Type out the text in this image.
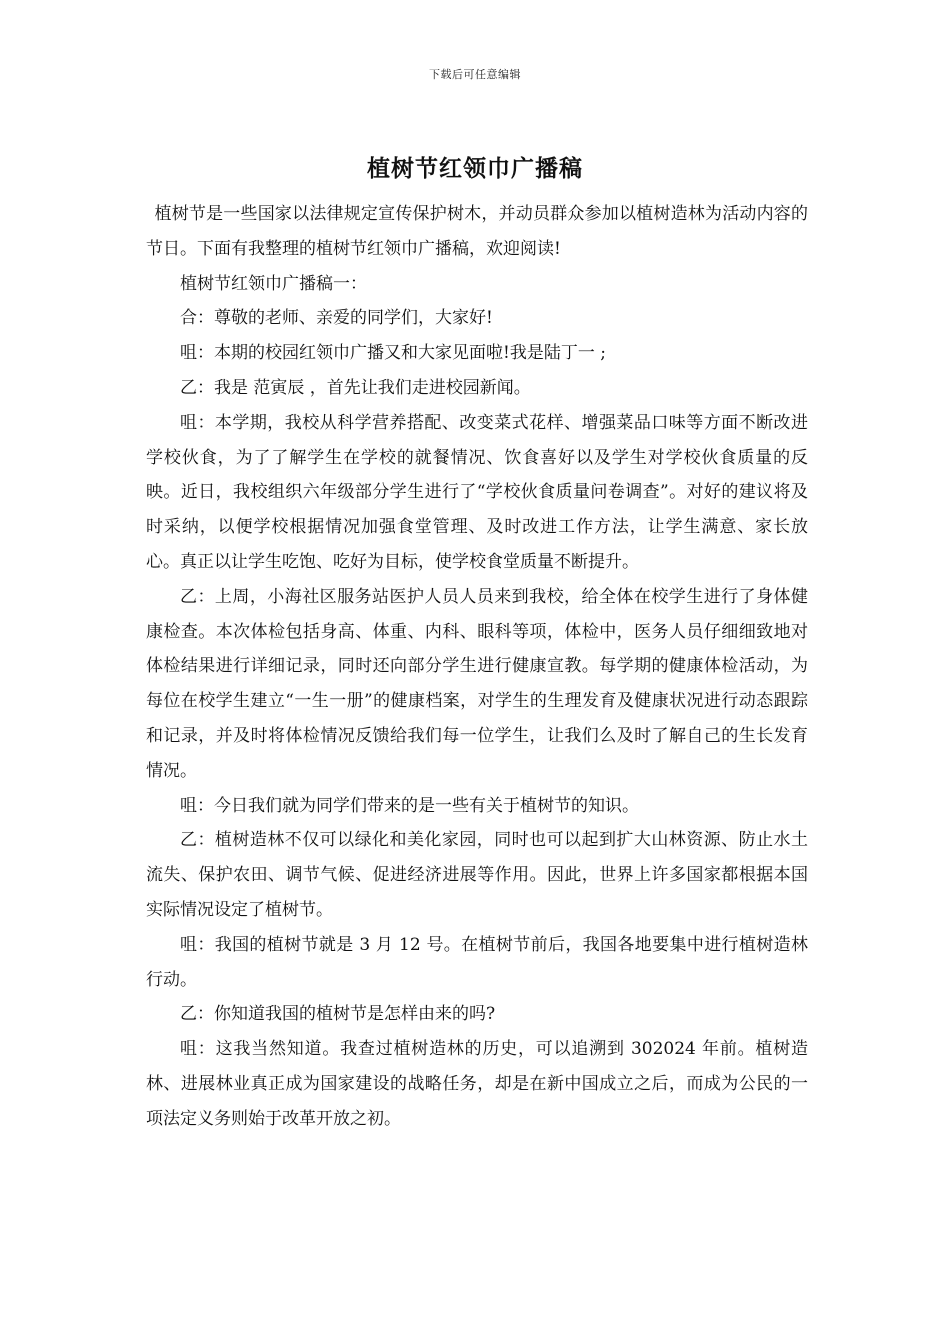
下载后可任意编辑
植树节红领巾广播稿

植树节是一些国家以法律规定宣传保护树木，并动员群众参加以植树造林为活动内容的节日。下面有我整理的植树节红领巾广播稿，欢迎阅读!

植树节红领巾广播稿一：

合：尊敬的老师、亲爱的同学们，大家好!

咀：本期的校园红领巾广播又和大家见面啦!我是陆丁一 ;

乙：我是 范寅辰 ，首先让我们走进校园新闻。

咀：本学期，我校从科学营养搭配、改变菜式花样、增强菜品口味等方面不断改进学校伙食，为了了解学生在学校的就餐情况、饮食喜好以及学生对学校伙食质量的反映。近日，我校组织六年级部分学生进行了“学校伙食质量问卷调查”。对好的建议将及时采纳，以便学校根据情况加强食堂管理、及时改进工作方法，让学生满意、家长放心。真正以让学生吃饱、吃好为目标，使学校食堂质量不断提升。

乙：上周，小海社区服务站医护人员人员来到我校，给全体在校学生进行了身体健康检查。本次体检包括身高、体重、内科、眼科等项，体检中，医务人员仔细细致地对体检结果进行详细记录，同时还向部分学生进行健康宣教。每学期的健康体检活动，为每位在校学生建立“一生一册”的健康档案，对学生的生理发育及健康状况进行动态跟踪和记录，并及时将体检情况反馈给我们每一位学生，让我们么及时了解自己的生长发育情况。

咀：今日我们就为同学们带来的是一些有关于植树节的知识。

乙：植树造林不仅可以绿化和美化家园，同时也可以起到扩大山林资源、防止水土流失、保护农田、调节气候、促进经济进展等作用。因此，世界上许多国家都根据本国实际情况设定了植树节。

咀：我国的植树节就是 3 月 12 号。在植树节前后，我国各地要集中进行植树造林行动。

乙：你知道我国的植树节是怎样由来的吗?

咀：这我当然知道。我查过植树造林的历史，可以追溯到 302024 年前。植树造林、进展林业真正成为国家建设的战略任务，却是在新中国成立之后，而成为公民的一项法定义务则始于改革开放之初。
